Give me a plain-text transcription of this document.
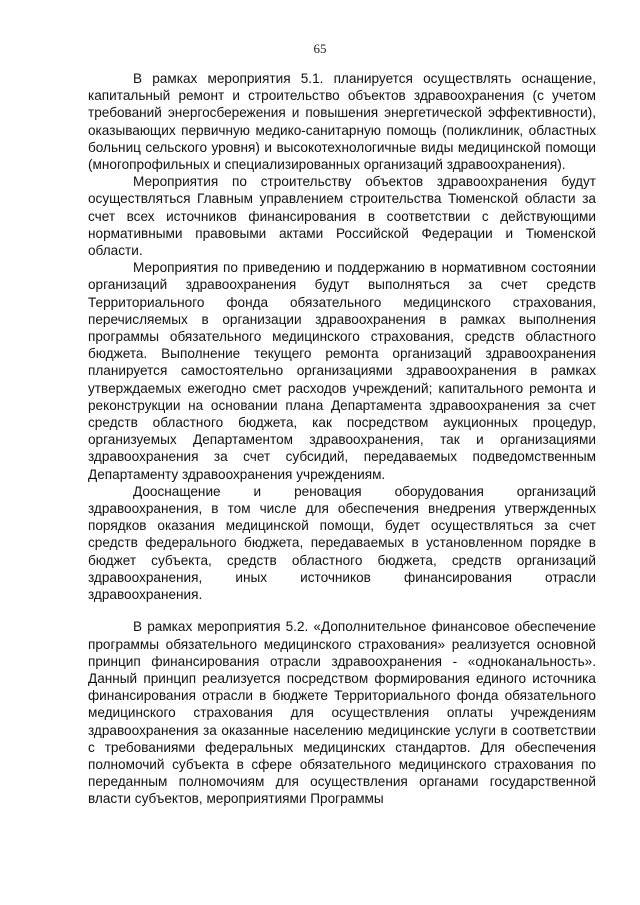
65

В рамках мероприятия 5.1. планируется осуществлять оснащение, капитальный ремонт и строительство объектов здравоохранения (с учетом требований энергосбережения и повышения энергетической эффективности), оказывающих первичную медико-санитарную помощь (поликлиник, областных больниц сельского уровня) и высокотехнологичные виды медицинской помощи (многопрофильных и специализированных организаций здравоохранения).

Мероприятия по строительству объектов здравоохранения будут осуществляться Главным управлением строительства Тюменской области за счет всех источников финансирования в соответствии с действующими нормативными правовыми актами Российской Федерации и Тюменской области.

Мероприятия по приведению и поддержанию в нормативном состоянии организаций здравоохранения будут выполняться за счет средств Территориального фонда обязательного медицинского страхования, перечисляемых в организации здравоохранения в рамках выполнения программы обязательного медицинского страхования, средств областного бюджета. Выполнение текущего ремонта организаций здравоохранения планируется самостоятельно организациями здравоохранения в рамках утверждаемых ежегодно смет расходов учреждений; капитального ремонта и реконструкции на основании плана Департамента здравоохранения за счет средств областного бюджета, как посредством аукционных процедур, организуемых Департаментом здравоохранения, так и организациями здравоохранения за счет субсидий, передаваемых подведомственным Департаменту здравоохранения учреждениям.

Дооснащение и реновация оборудования организаций здравоохранения, в том числе для обеспечения внедрения утвержденных порядков оказания медицинской помощи, будет осуществляться за счет средств федерального бюджета, передаваемых в установленном порядке в бюджет субъекта, средств областного бюджета, средств организаций здравоохранения, иных источников финансирования отрасли здравоохранения.

В рамках мероприятия 5.2. «Дополнительное финансовое обеспечение программы обязательного медицинского страхования» реализуется основной принцип финансирования отрасли здравоохранения - «одноканальность». Данный принцип реализуется посредством формирования единого источника финансирования отрасли в бюджете Территориального фонда обязательного медицинского страхования для осуществления оплаты учреждениям здравоохранения за оказанные населению медицинские услуги в соответствии с требованиями федеральных медицинских стандартов. Для обеспечения полномочий субъекта в сфере обязательного медицинского страхования по переданным полномочиям для осуществления органами государственной власти субъектов, мероприятиями Программы
